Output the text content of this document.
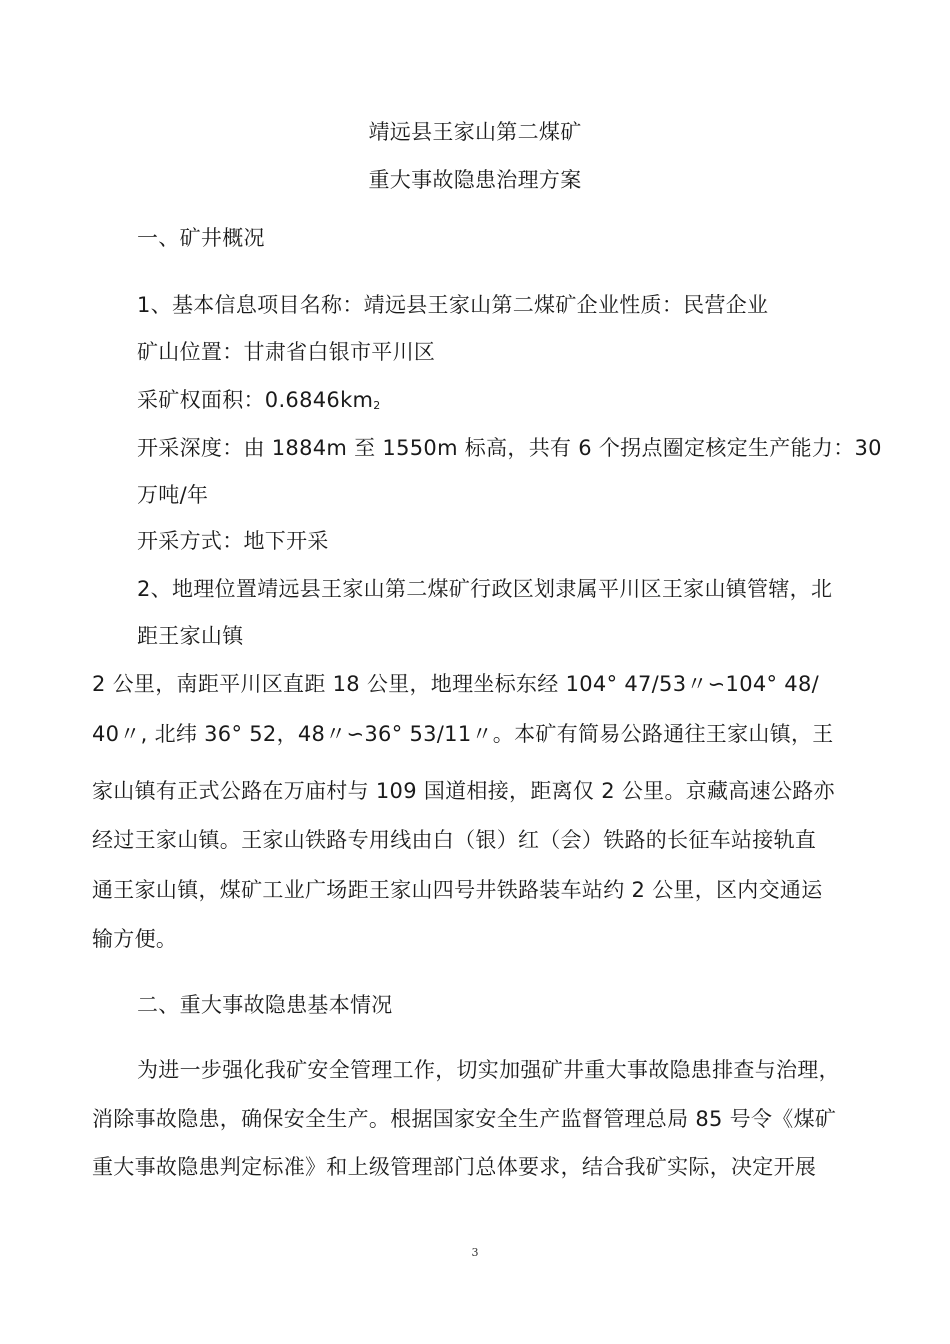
靖远县王家山第二煤矿
重大事故隐患治理方案
一、矿井概况
1、基本信息项目名称：靖远县王家山第二煤矿企业性质：民营企业
矿山位置：甘肃省白银市平川区
采矿权面积：$0.6846km_2$
开采深度：由 1884m 至 1550m 标高，共有 6 个拐点圈定核定生产能力：30
万吨/年
开采方式：地下开采
2、地理位置靖远县王家山第二煤矿行政区划隶属平川区王家山镇管辖，北
距王家山镇
2 公里，南距平川区直距 18 公里，地理坐标东经 104° 47/53〃∽104° 48/
40〃, 北纬 36° 52，48〃∽36° 53/11〃。本矿有简易公路通往王家山镇，王
家山镇有正式公路在万庙村与 109 国道相接，距离仅 2 公里。京藏高速公路亦
经过王家山镇。王家山铁路专用线由白（银）红（会）铁路的长征车站接轨直
通王家山镇，煤矿工业广场距王家山四号井铁路装车站约 2 公里，区内交通运
输方便。
二、重大事故隐患基本情况
为进一步强化我矿安全管理工作，切实加强矿井重大事故隐患排查与治理，
消除事故隐患，确保安全生产。根据国家安全生产监督管理总局 85 号令《煤矿
重大事故隐患判定标准》和上级管理部门总体要求，结合我矿实际，决定开展
3
